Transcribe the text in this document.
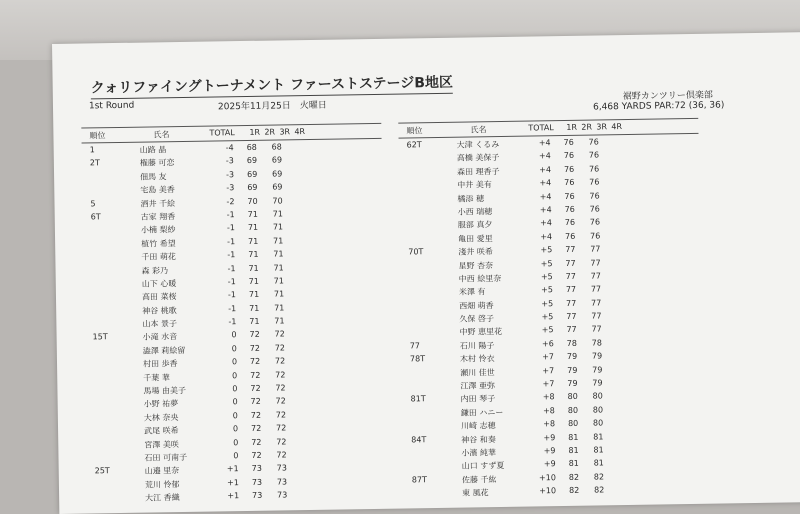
クォリファイングトーナメント ファーストステージB地区
1st Round	2025年11月25日　火曜日
裾野カンツリー倶楽部
6,468 YARDS PAR:72 (36, 36)
順位	氏名	TOTAL 1R 2R 3R 4R
1	山路 晶	-4 68 68
2T	権藤 可恋	-3 69 69
佃馬 友	-3 69 69
宅島 美香	-3 69 69
5	酒井 千絵	-2 70 70
6T	古家 翔香	-1 71 71
小楠 梨紗	-1 71 71
植竹 希望	-1 71 71
千田 萌花	-1 71 71
森 彩乃	-1 71 71
山下 心暖	-1 71 71
高田 菜桜	-1 71 71
神谷 桃歌	-1 71 71
山本 景子	-1 71 71
15T	小滝 水音	0 72 72
澁澤 莉絵留	0 72 72
村田 歩香	0 72 72
千葉 華	0 72 72
馬場 由美子	0 72 72
小野 祐夢	0 72 72
大林 奈央	0 72 72
武尾 咲希	0 72 72
宮澤 美咲	0 72 72
石田 可南子	0 72 72
25T	山邉 里奈	+1 73 73
荒川 怜郁	+1 73 73
大江 香織	+1 73 73
順位	氏名	TOTAL 1R 2R 3R 4R
62T	大津 くるみ	+4 76 76
高橋 美保子	+4 76 76
森田 理香子	+4 76 76
中井 美有	+4 76 76
橘添 穂	+4 76 76
小西 瑞穂	+4 76 76
服部 真夕	+4 76 76
亀田 愛里	+4 76 76
70T	淺井 咲希	+5 77 77
星野 杏奈	+5 77 77
中西 絵里奈	+5 77 77
米澤 有	+5 77 77
西畑 萌香	+5 77 77
久保 啓子	+5 77 77
中野 恵里花	+5 77 77
77	石川 陽子	+6 78 78
78T	木村 怜衣	+7 79 79
瀬川 佳世	+7 79 79
江澤 亜弥	+7 79 79
81T	内田 琴子	+8 80 80
鎌田 ハニー	+8 80 80
川崎 志穂	+8 80 80
84T	神谷 和奏	+9 81 81
小濱 純華	+9 81 81
山口 すず夏	+9 81 81
87T	佐藤 千紘	+10 82 82
東 風花	+10 82 82
